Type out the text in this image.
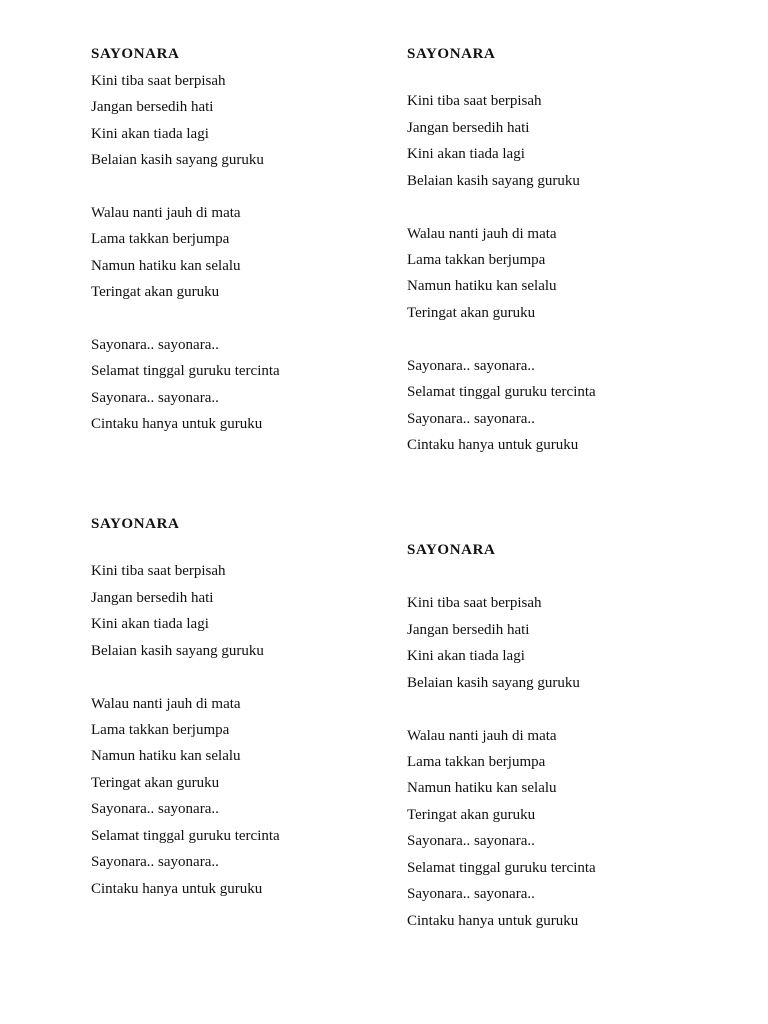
SAYONARA
Kini tiba saat berpisah
Jangan bersedih hati
Kini akan tiada lagi
Belaian kasih sayang guruku
Walau nanti jauh di mata
Lama takkan berjumpa
Namun hatiku kan selalu
Teringat akan guruku
Sayonara.. sayonara..
Selamat tinggal guruku tercinta
Sayonara.. sayonara..
Cintaku hanya untuk guruku
SAYONARA
Kini tiba saat berpisah
Jangan bersedih hati
Kini akan tiada lagi
Belaian kasih sayang guruku
Walau nanti jauh di mata
Lama takkan berjumpa
Namun hatiku kan selalu
Teringat akan guruku
Sayonara.. sayonara..
Selamat tinggal guruku tercinta
Sayonara.. sayonara..
Cintaku hanya untuk guruku
SAYONARA
Kini tiba saat berpisah
Jangan bersedih hati
Kini akan tiada lagi
Belaian kasih sayang guruku
Walau nanti jauh di mata
Lama takkan berjumpa
Namun hatiku kan selalu
Teringat akan guruku
Sayonara.. sayonara..
Selamat tinggal guruku tercinta
Sayonara.. sayonara..
Cintaku hanya untuk guruku
SAYONARA
Kini tiba saat berpisah
Jangan bersedih hati
Kini akan tiada lagi
Belaian kasih sayang guruku
Walau nanti jauh di mata
Lama takkan berjumpa
Namun hatiku kan selalu
Teringat akan guruku
Sayonara.. sayonara..
Selamat tinggal guruku tercinta
Sayonara.. sayonara..
Cintaku hanya untuk guruku
